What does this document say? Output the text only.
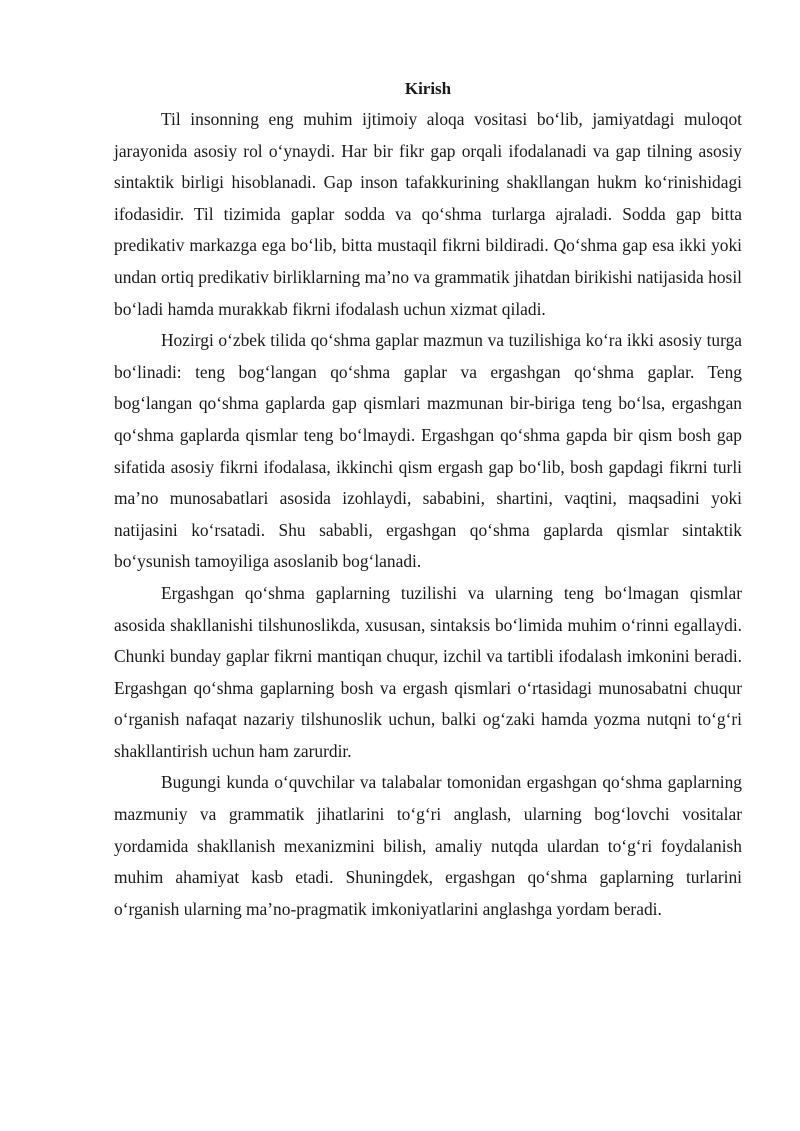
Kirish

Til insonning eng muhim ijtimoiy aloqa vositasi bo‘lib, jamiyatdagi muloqot jarayonida asosiy rol o‘ynaydi. Har bir fikr gap orqali ifodalanadi va gap tilning asosiy sintaktik birligi hisoblanadi. Gap inson tafakkurining shakllangan hukm ko‘rinishidagi ifodasidir. Til tizimida gaplar sodda va qo‘shma turlarga ajraladi. Sodda gap bitta predikativ markazga ega bo‘lib, bitta mustaqil fikrni bildiradi. Qo‘shma gap esa ikki yoki undan ortiq predikativ birliklarning ma’no va grammatik jihatdan birikishi natijasida hosil bo‘ladi hamda murakkab fikrni ifodalash uchun xizmat qiladi.

Hozirgi o‘zbek tilida qo‘shma gaplar mazmun va tuzilishiga ko‘ra ikki asosiy turga bo‘linadi: teng bog‘langan qo‘shma gaplar va ergashgan qo‘shma gaplar. Teng bog‘langan qo‘shma gaplarda gap qismlari mazmunan bir-biriga teng bo‘lsa, ergashgan qo‘shma gaplarda qismlar teng bo‘lmaydi. Ergashgan qo‘shma gapda bir qism bosh gap sifatida asosiy fikrni ifodalasa, ikkinchi qism ergash gap bo‘lib, bosh gapdagi fikrni turli ma’no munosabatlari asosida izohlaydi, sababini, shartini, vaqtini, maqsadini yoki natijasini ko‘rsatadi. Shu sababli, ergashgan qo‘shma gaplarda qismlar sintaktik bo‘ysunish tamoyiliga asoslanib bog‘lanadi.

Ergashgan qo‘shma gaplarning tuzilishi va ularning teng bo‘lmagan qismlar asosida shakllanishi tilshunoslikda, xususan, sintaksis bo‘limida muhim o‘rinni egallaydi. Chunki bunday gaplar fikrni mantiqan chuqur, izchil va tartibli ifodalash imkonini beradi. Ergashgan qo‘shma gaplarning bosh va ergash qismlari o‘rtasidagi munosabatni chuqur o‘rganish nafaqat nazariy tilshunoslik uchun, balki og‘zaki hamda yozma nutqni to‘g‘ri shakllantirish uchun ham zarurdir.

Bugungi kunda o‘quvchilar va talabalar tomonidan ergashgan qo‘shma gaplarning mazmuniy va grammatik jihatlarini to‘g‘ri anglash, ularning bog‘lovchi vositalar yordamida shakllanish mexanizmini bilish, amaliy nutqda ulardan to‘g‘ri foydalanish muhim ahamiyat kasb etadi. Shuningdek, ergashgan qo‘shma gaplarning turlarini o‘rganish ularning ma’no-pragmatik imkoniyatlarini anglashga yordam beradi.
